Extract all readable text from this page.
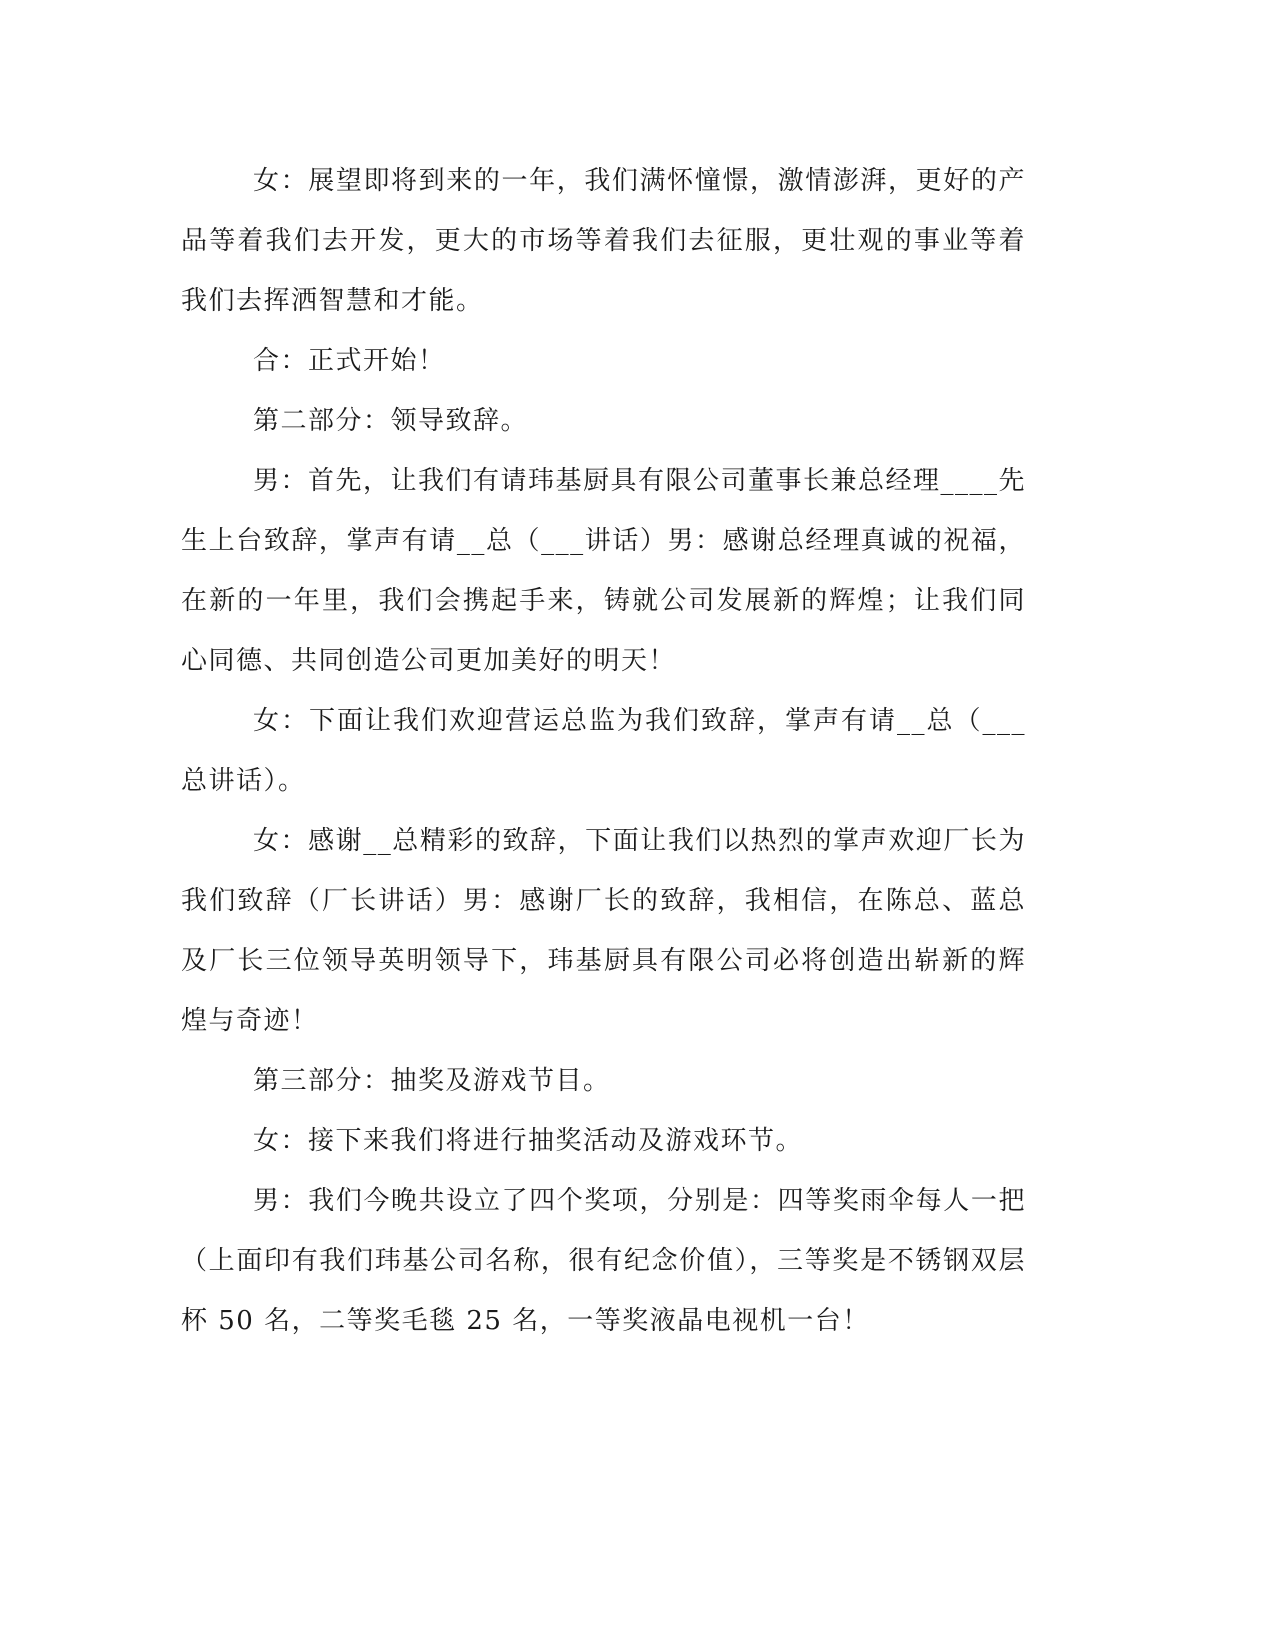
女：展望即将到来的一年，我们满怀憧憬，激情澎湃，更好的产品等着我们去开发，更大的市场等着我们去征服，更壮观的事业等着我们去挥洒智慧和才能。

合：正式开始！

第二部分：领导致辞。

男：首先，让我们有请玮基厨具有限公司董事长兼总经理____先生上台致辞，掌声有请__总（___讲话）男：感谢总经理真诚的祝福，在新的一年里，我们会携起手来，铸就公司发展新的辉煌；让我们同心同德、共同创造公司更加美好的明天！

女：下面让我们欢迎营运总监为我们致辞，掌声有请__总（___总讲话）。

女：感谢__总精彩的致辞，下面让我们以热烈的掌声欢迎厂长为我们致辞（厂长讲话）男：感谢厂长的致辞，我相信，在陈总、蓝总及厂长三位领导英明领导下，玮基厨具有限公司必将创造出崭新的辉煌与奇迹！

第三部分：抽奖及游戏节目。

女：接下来我们将进行抽奖活动及游戏环节。

男：我们今晚共设立了四个奖项，分别是：四等奖雨伞每人一把（上面印有我们玮基公司名称，很有纪念价值），三等奖是不锈钢双层杯 50 名，二等奖毛毯 25 名，一等奖液晶电视机一台！
